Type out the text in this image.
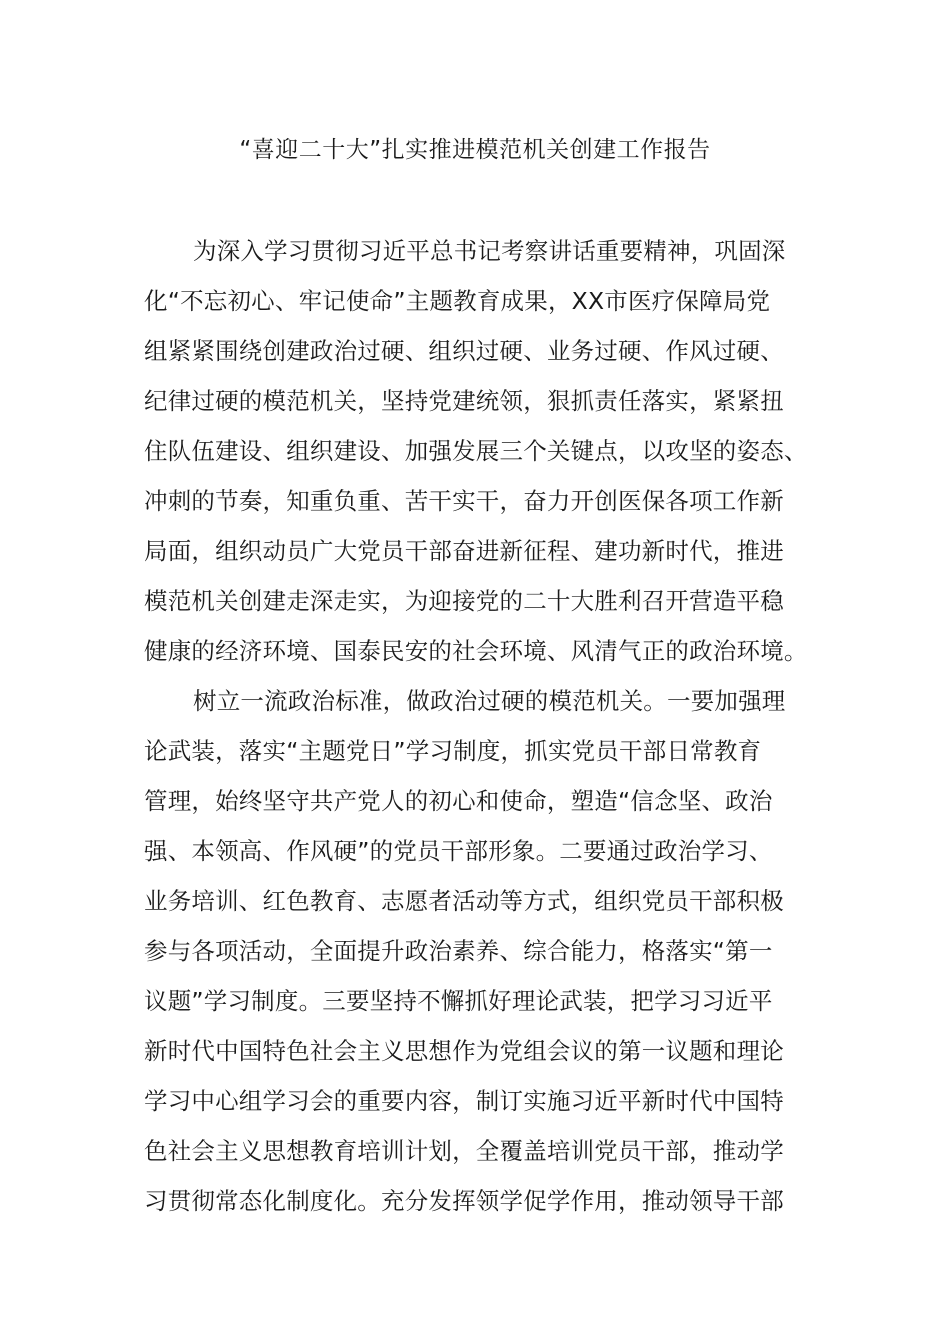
“喜迎二十大”扎实推进模范机关创建工作报告
为深入学习贯彻习近平总书记考察讲话重要精神，巩固深
化“不忘初心、牢记使命”主题教育成果，XX市医疗保障局党
组紧紧围绕创建政治过硬、组织过硬、业务过硬、作风过硬、
纪律过硬的模范机关，坚持党建统领，狠抓责任落实，紧紧扭
住队伍建设、组织建设、加强发展三个关键点，以攻坚的姿态、
冲刺的节奏，知重负重、苦干实干，奋力开创医保各项工作新
局面，组织动员广大党员干部奋进新征程、建功新时代，推进
模范机关创建走深走实，为迎接党的二十大胜利召开营造平稳
健康的经济环境、国泰民安的社会环境、风清气正的政治环境。
树立一流政治标准，做政治过硬的模范机关。一要加强理
论武装，落实“主题党日”学习制度，抓实党员干部日常教育
管理，始终坚守共产党人的初心和使命，塑造“信念坚、政治
强、本领高、作风硬”的党员干部形象。二要通过政治学习、
业务培训、红色教育、志愿者活动等方式，组织党员干部积极
参与各项活动，全面提升政治素养、综合能力，格落实“第一
议题”学习制度。三要坚持不懈抓好理论武装，把学习习近平
新时代中国特色社会主义思想作为党组会议的第一议题和理论
学习中心组学习会的重要内容，制订实施习近平新时代中国特
色社会主义思想教育培训计划，全覆盖培训党员干部，推动学
习贯彻常态化制度化。充分发挥领学促学作用，推动领导干部
